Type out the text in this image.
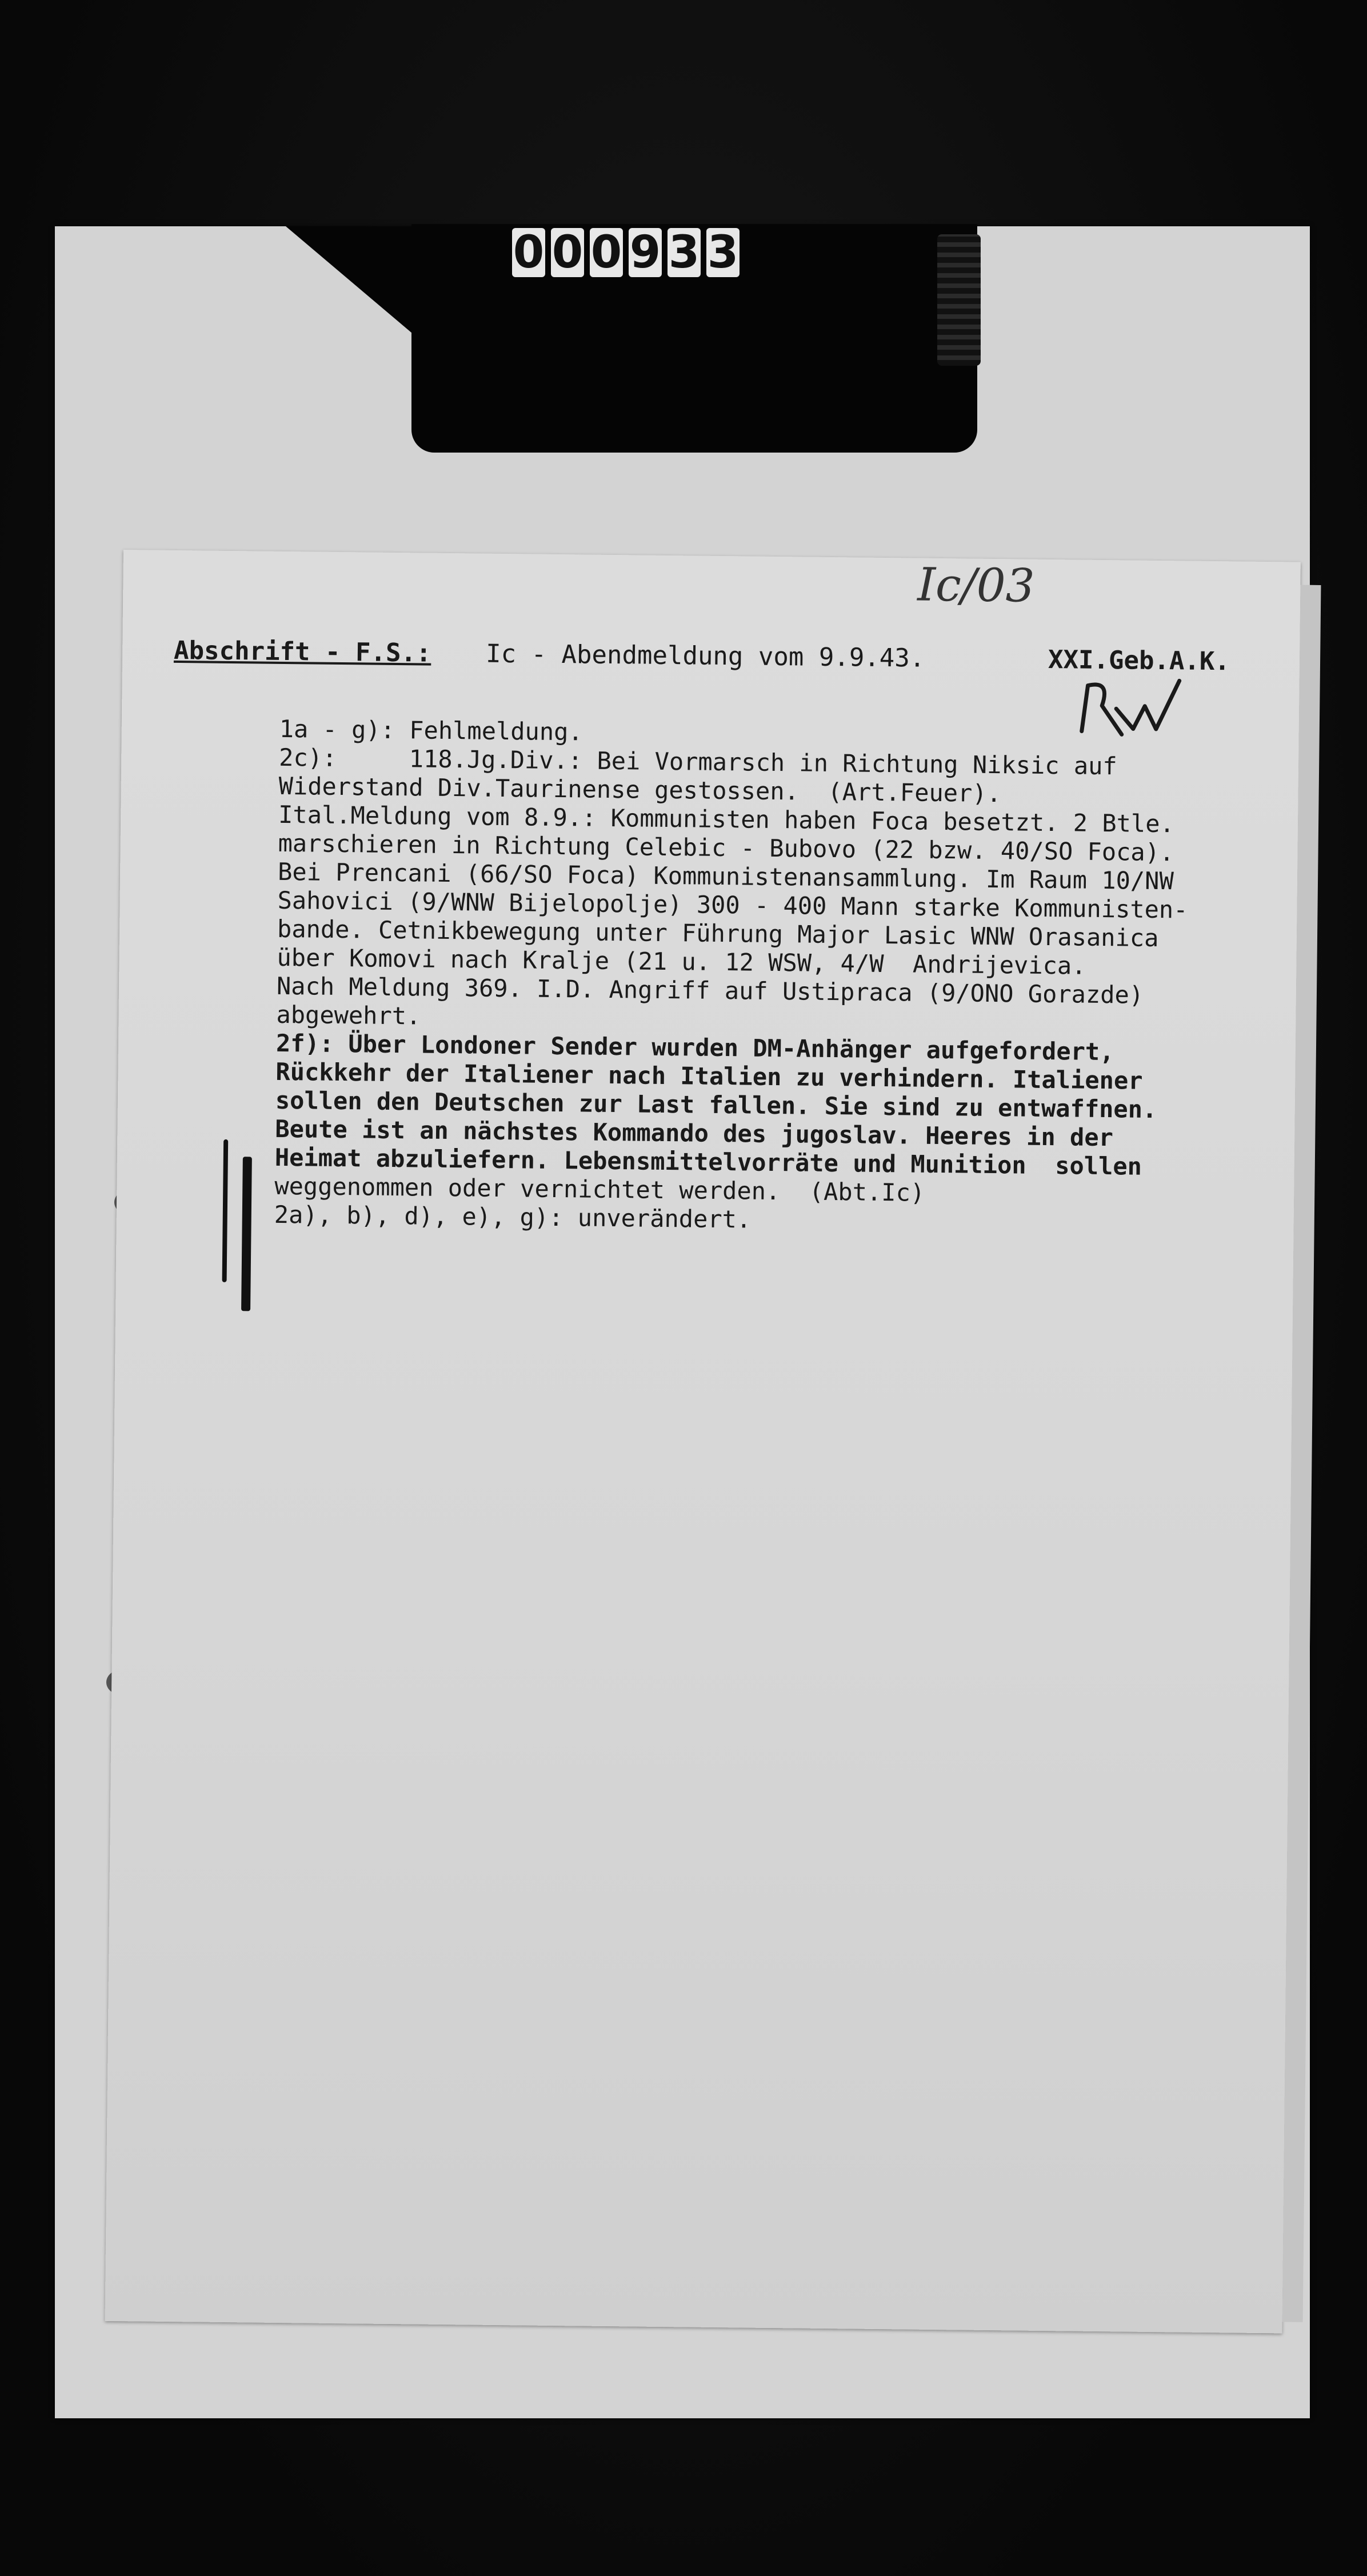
0 0 0 9 3 3
Ic/03
Abschrift - F.S.: Ic - Abendmeldung vom 9.9.43.	XXI.Geb.A.K.
1a - g): Fehlmeldung.
2c):     118.Jg.Div.: Bei Vormarsch in Richtung Niksic auf
Widerstand Div.Taurinense gestossen.  (Art.Feuer).
Ital.Meldung vom 8.9.: Kommunisten haben Foca besetzt. 2 Btle.
marschieren in Richtung Celebic - Bubovo (22 bzw. 40/SO Foca).
Bei Prencani (66/SO Foca) Kommunistenansammlung. Im Raum 10/NW
Sahovici (9/WNW Bijelopolje) 300 - 400 Mann starke Kommunisten-
bande. Cetnikbewegung unter Führung Major Lasic WNW Orasanica
über Komovi nach Kralje (21 u. 12 WSW, 4/W  Andrijevica.
Nach Meldung 369. I.D. Angriff auf Ustipraca (9/ONO Gorazde)
abgewehrt.
2f): Über Londoner Sender wurden DM-Anhänger aufgefordert,
Rückkehr der Italiener nach Italien zu verhindern. Italiener
sollen den Deutschen zur Last fallen. Sie sind zu entwaffnen.
Beute ist an nächstes Kommando des jugoslav. Heeres in der
Heimat abzuliefern. Lebensmittelvorräte und Munition  sollen
weggenommen oder vernichtet werden.  (Abt.Ic)
2a), b), d), e), g): unverändert.
